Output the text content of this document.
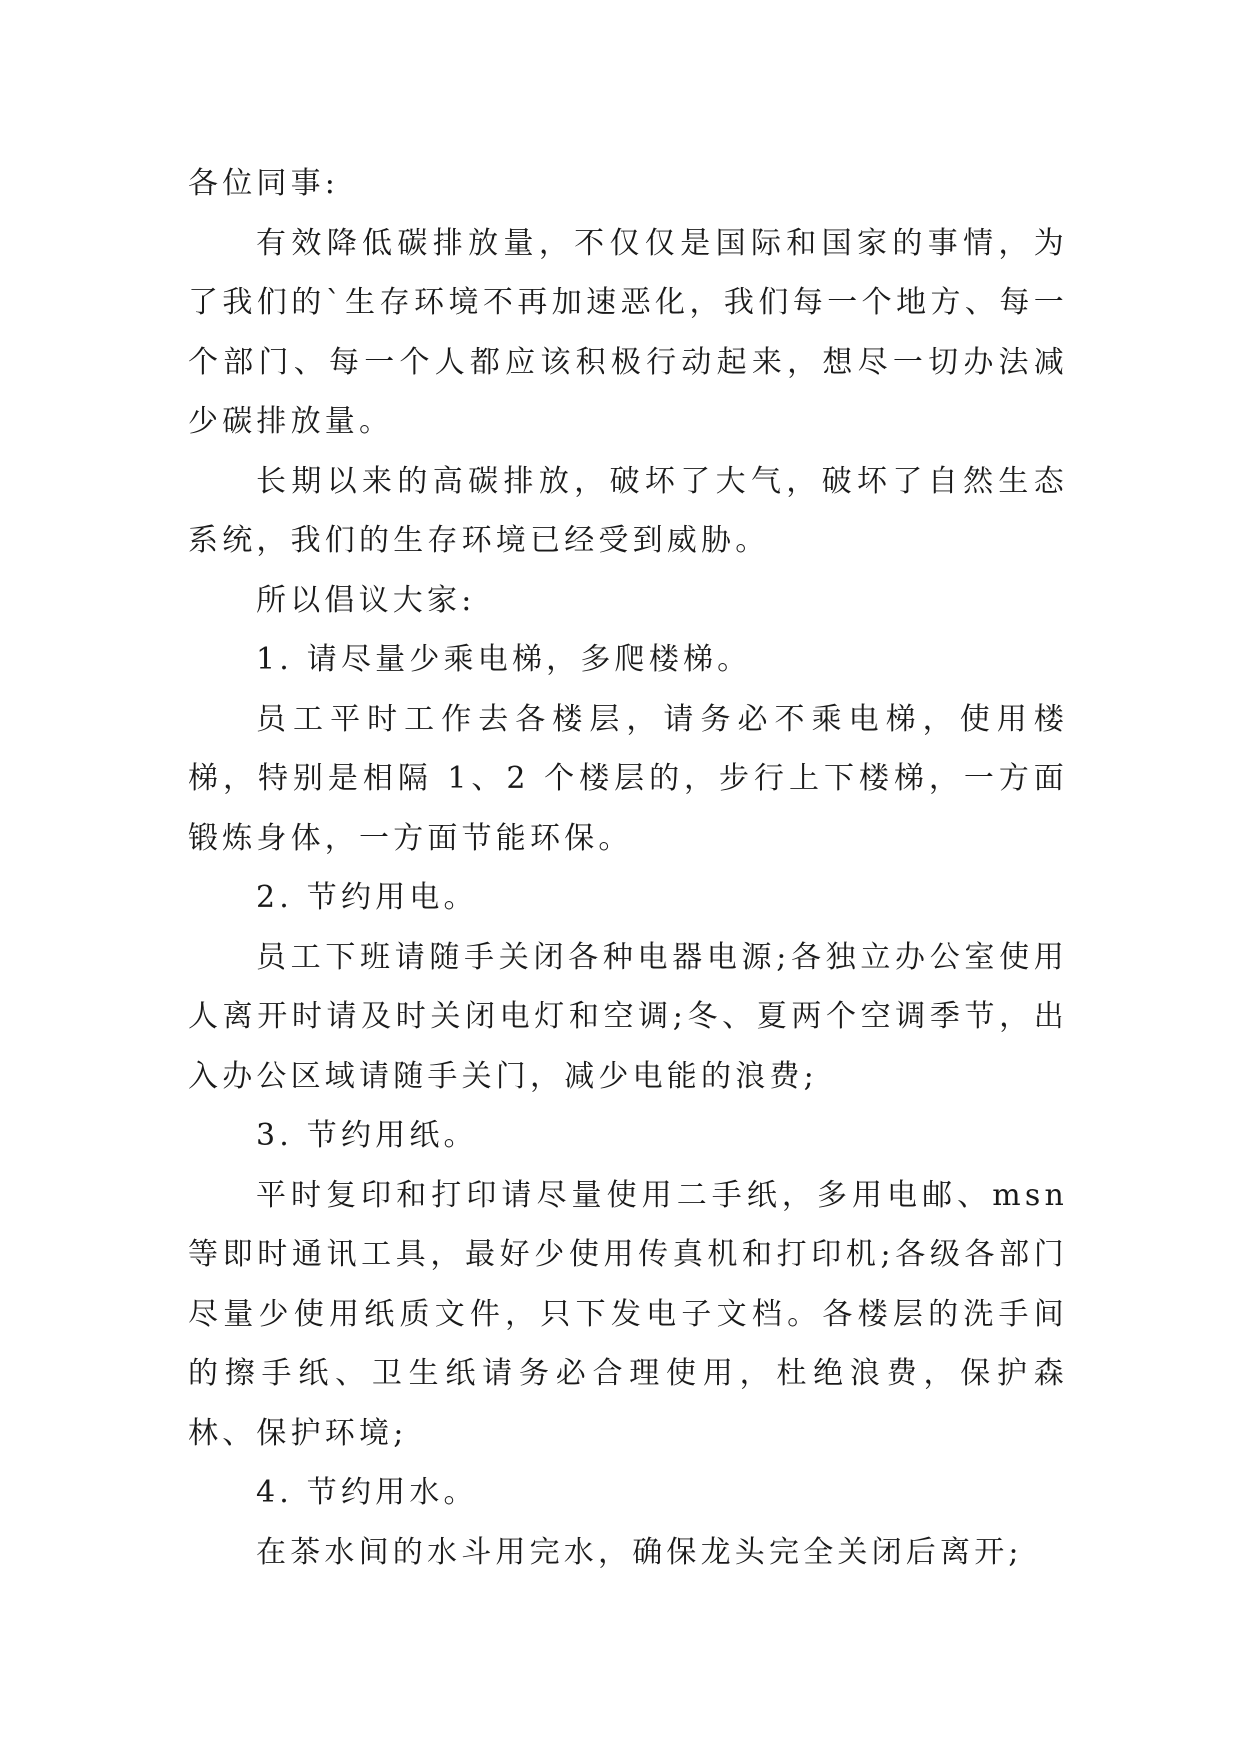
各位同事:

有效降低碳排放量，不仅仅是国际和国家的事情，为了我们的`生存环境不再加速恶化，我们每一个地方、每一个部门、每一个人都应该积极行动起来，想尽一切办法减少碳排放量。

长期以来的高碳排放，破坏了大气，破坏了自然生态系统，我们的生存环境已经受到威胁。

所以倡议大家:

1. 请尽量少乘电梯，多爬楼梯。

员工平时工作去各楼层，请务必不乘电梯，使用楼梯，特别是相隔 1、2 个楼层的，步行上下楼梯，一方面锻炼身体，一方面节能环保。

2. 节约用电。

员工下班请随手关闭各种电器电源;各独立办公室使用人离开时请及时关闭电灯和空调;冬、夏两个空调季节，出入办公区域请随手关门，减少电能的浪费;

3. 节约用纸。

平时复印和打印请尽量使用二手纸，多用电邮、msn 等即时通讯工具，最好少使用传真机和打印机;各级各部门尽量少使用纸质文件，只下发电子文档。各楼层的洗手间的擦手纸、卫生纸请务必合理使用，杜绝浪费，保护森林、保护环境;

4. 节约用水。

在茶水间的水斗用完水，确保龙头完全关闭后离开;
